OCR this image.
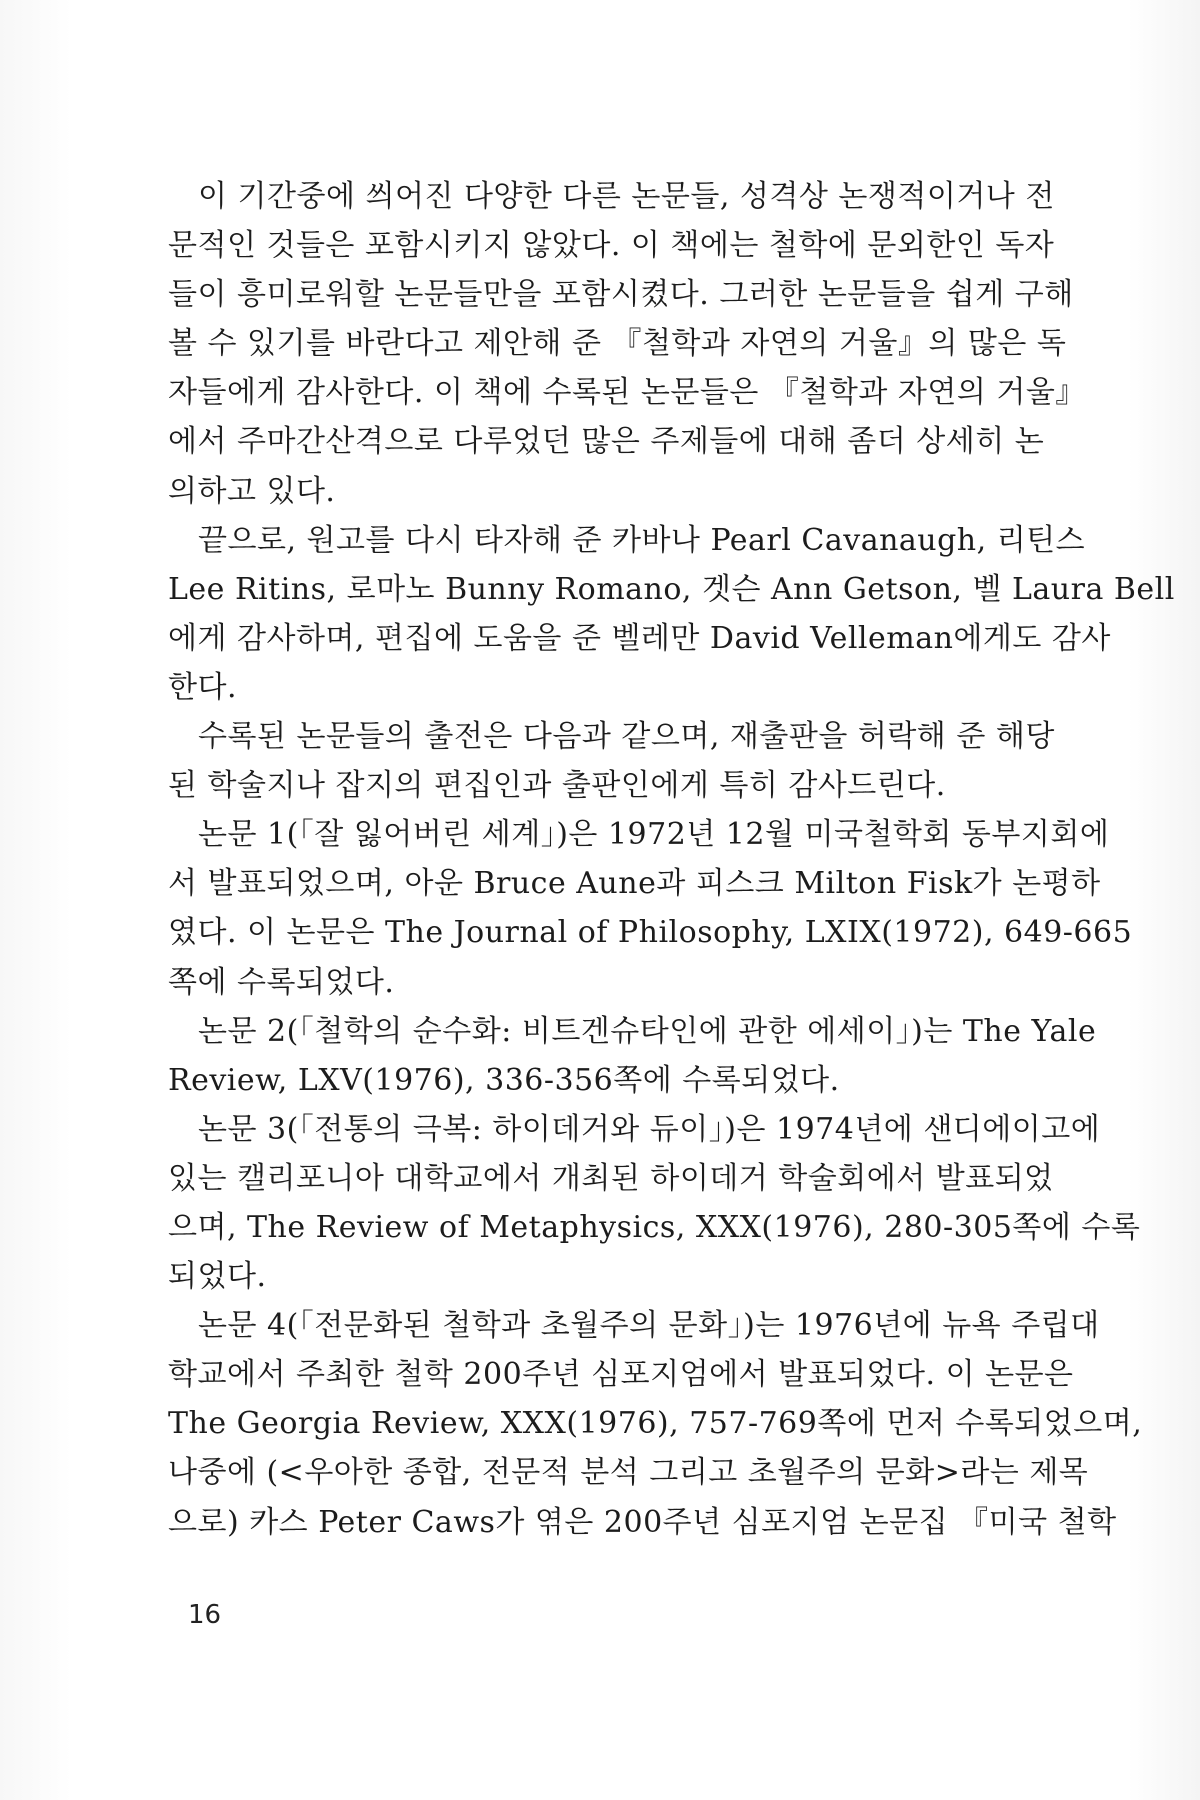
이 기간중에 씌어진 다양한 다른 논문들, 성격상 논쟁적이거나 전
문적인 것들은 포함시키지 않았다. 이 책에는 철학에 문외한인 독자
들이 흥미로워할 논문들만을 포함시켰다. 그러한 논문들을 쉽게 구해
볼 수 있기를 바란다고 제안해 준 『철학과 자연의 거울』의 많은 독
자들에게 감사한다. 이 책에 수록된 논문들은 『철학과 자연의 거울』
에서 주마간산격으로 다루었던 많은 주제들에 대해 좀더 상세히 논
의하고 있다.
끝으로, 원고를 다시 타자해 준 카바나 Pearl Cavanaugh, 리틴스
Lee Ritins, 로마노 Bunny Romano, 겟슨 Ann Getson, 벨 Laura Bell
에게 감사하며, 편집에 도움을 준 벨레만 David Velleman에게도 감사
한다.
수록된 논문들의 출전은 다음과 같으며, 재출판을 허락해 준 해당
된 학술지나 잡지의 편집인과 출판인에게 특히 감사드린다.
논문 1(「잘 잃어버린 세계」)은 1972년 12월 미국철학회 동부지회에
서 발표되었으며, 아운 Bruce Aune과 피스크 Milton Fisk가 논평하
였다. 이 논문은 The Journal of Philosophy, LXIX(1972), 649-665
쪽에 수록되었다.
논문 2(「철학의 순수화: 비트겐슈타인에 관한 에세이」)는 The Yale
Review, LXV(1976), 336-356쪽에 수록되었다.
논문 3(「전통의 극복: 하이데거와 듀이」)은 1974년에 샌디에이고에
있는 캘리포니아 대학교에서 개최된 하이데거 학술회에서 발표되었
으며, The Review of Metaphysics, XXX(1976), 280-305쪽에 수록
되었다.
논문 4(「전문화된 철학과 초월주의 문화」)는 1976년에 뉴욕 주립대
학교에서 주최한 철학 200주년 심포지엄에서 발표되었다. 이 논문은
The Georgia Review, XXX(1976), 757-769쪽에 먼저 수록되었으며,
나중에 (<우아한 종합, 전문적 분석 그리고 초월주의 문화>라는 제목
으로) 카스 Peter Caws가 엮은 200주년 심포지엄 논문집 『미국 철학
16
